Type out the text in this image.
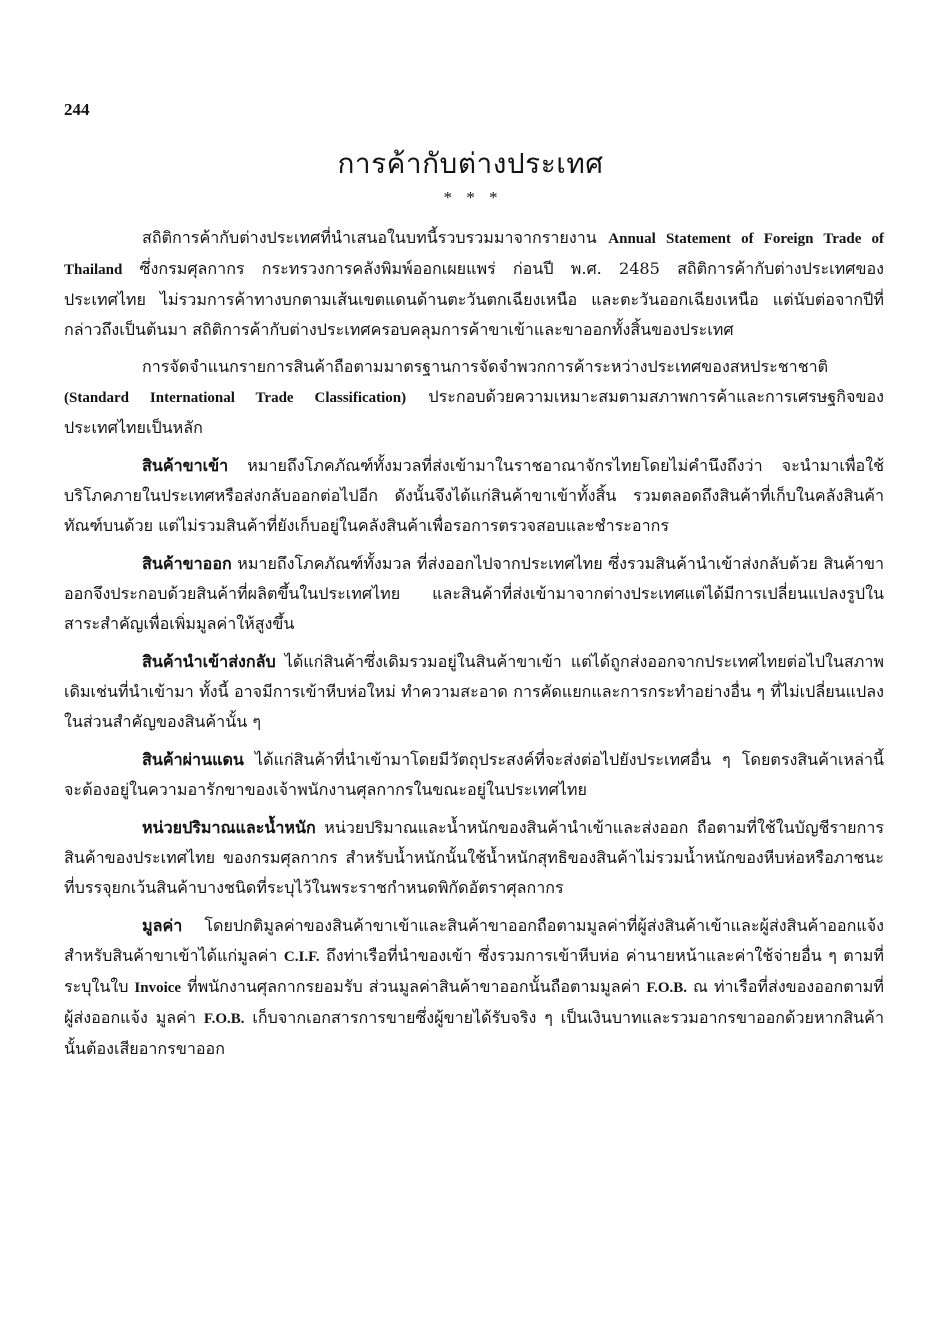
244
การค้ากับต่างประเทศ
* * *

สถิติการค้ากับต่างประเทศที่นำเสนอในบทนี้รวบรวมมาจากรายงาน Annual Statement of Foreign Trade of Thailand ซึ่งกรมศุลกากร กระทรวงการคลังพิมพ์ออกเผยแพร่ ก่อนปี พ.ศ. 2485 สถิติการค้ากับต่างประเทศของประเทศไทย ไม่รวมการค้าทางบกตามเส้นเขตแดนด้านตะวันตกเฉียงเหนือ และตะวันออกเฉียงเหนือ แต่นับต่อจากปีที่กล่าวถึงเป็นต้นมา สถิติการค้ากับต่างประเทศครอบคลุมการค้าขาเข้าและขาออกทั้งสิ้นของประเทศ

การจัดจำแนกรายการสินค้าถือตามมาตรฐานการจัดจำพวกการค้าระหว่างประเทศของสหประชาชาติ (Standard International Trade Classification) ประกอบด้วยความเหมาะสมตามสภาพการค้าและการเศรษฐกิจของประเทศไทยเป็นหลัก

สินค้าขาเข้า หมายถึงโภคภัณฑ์ทั้งมวลที่ส่งเข้ามาในราชอาณาจักรไทยโดยไม่คำนึงถึงว่า จะนำมาเพื่อใช้บริโภคภายในประเทศหรือส่งกลับออกต่อไปอีก ดังนั้นจึงได้แก่สินค้าขาเข้าทั้งสิ้น รวมตลอดถึงสินค้าที่เก็บในคลังสินค้าทัณฑ์บนด้วย แต่ไม่รวมสินค้าที่ยังเก็บอยู่ในคลังสินค้าเพื่อรอการตรวจสอบและชำระอากร

สินค้าขาออก หมายถึงโภคภัณฑ์ทั้งมวล ที่ส่งออกไปจากประเทศไทย ซึ่งรวมสินค้านำเข้าส่งกลับด้วย สินค้าขาออกจึงประกอบด้วยสินค้าที่ผลิตขึ้นในประเทศไทย และสินค้าที่ส่งเข้ามาจากต่างประเทศแต่ได้มีการเปลี่ยนแปลงรูปในสาระสำคัญเพื่อเพิ่มมูลค่าให้สูงขึ้น

สินค้านำเข้าส่งกลับ ได้แก่สินค้าซึ่งเดิมรวมอยู่ในสินค้าขาเข้า แต่ได้ถูกส่งออกจากประเทศไทยต่อไปในสภาพเดิมเช่นที่นำเข้ามา ทั้งนี้ อาจมีการเข้าหีบห่อใหม่ ทำความสะอาด การคัดแยกและการกระทำอย่างอื่น ๆ ที่ไม่เปลี่ยนแปลงในส่วนสำคัญของสินค้านั้น ๆ

สินค้าผ่านแดน ได้แก่สินค้าที่นำเข้ามาโดยมีวัตถุประสงค์ที่จะส่งต่อไปยังประเทศอื่น ๆ โดยตรงสินค้าเหล่านี้จะต้องอยู่ในความอารักขาของเจ้าพนักงานศุลกากรในขณะอยู่ในประเทศไทย

หน่วยปริมาณและน้ำหนัก หน่วยปริมาณและน้ำหนักของสินค้านำเข้าและส่งออก ถือตามที่ใช้ในบัญชีรายการสินค้าของประเทศไทย ของกรมศุลกากร สำหรับน้ำหนักนั้นใช้น้ำหนักสุทธิของสินค้าไม่รวมน้ำหนักของหีบห่อหรือภาชนะที่บรรจุยกเว้นสินค้าบางชนิดที่ระบุไว้ในพระราชกำหนดพิกัดอัตราศุลกากร

มูลค่า โดยปกติมูลค่าของสินค้าขาเข้าและสินค้าขาออกถือตามมูลค่าที่ผู้ส่งสินค้าเข้าและผู้ส่งสินค้าออกแจ้ง สำหรับสินค้าขาเข้าได้แก่มูลค่า C.I.F. ถึงท่าเรือที่นำของเข้า ซึ่งรวมการเข้าหีบห่อ ค่านายหน้าและค่าใช้จ่ายอื่น ๆ ตามที่ระบุในใบ Invoice ที่พนักงานศุลกากรยอมรับ ส่วนมูลค่าสินค้าขาออกนั้นถือตามมูลค่า F.O.B. ณ ท่าเรือที่ส่งของออกตามที่ผู้ส่งออกแจ้ง มูลค่า F.O.B. เก็บจากเอกสารการขายซึ่งผู้ขายได้รับจริง ๆ เป็นเงินบาทและรวมอากรขาออกด้วยหากสินค้านั้นต้องเสียอากรขาออก
